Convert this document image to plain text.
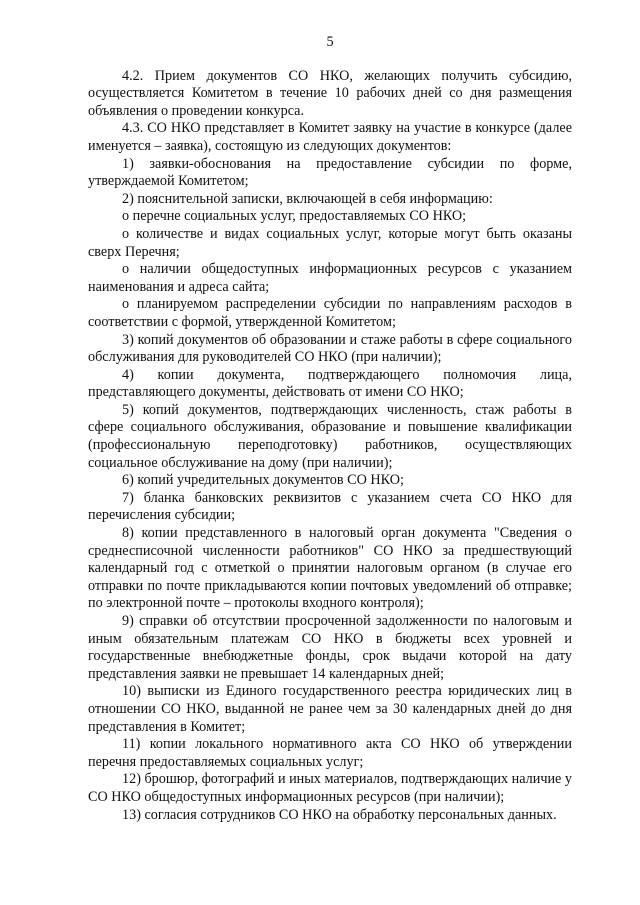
5

4.2. Прием документов СО НКО, желающих получить субсидию, осуществляется Комитетом в течение 10 рабочих дней со дня размещения объявления о проведении конкурса.

4.3. СО НКО представляет в Комитет заявку на участие в конкурсе (далее именуется – заявка), состоящую из следующих документов:

1) заявки-обоснования на предоставление субсидии по форме, утверждаемой Комитетом;

2) пояснительной записки, включающей в себя информацию:

о перечне социальных услуг, предоставляемых СО НКО;

о количестве и видах социальных услуг, которые могут быть оказаны сверх Перечня;

о наличии общедоступных информационных ресурсов с указанием наименования и адреса сайта;

о планируемом распределении субсидии по направлениям расходов в соответствии с формой, утвержденной Комитетом;

3) копий документов об образовании и стаже работы в сфере социального обслуживания для руководителей СО НКО (при наличии);

4) копии документа, подтверждающего полномочия лица, представляющего документы, действовать от имени СО НКО;

5) копий документов, подтверждающих численность, стаж работы в сфере социального обслуживания, образование и повышение квалификации (профессиональную переподготовку) работников, осуществляющих социальное обслуживание на дому (при наличии);

6) копий учредительных документов СО НКО;

7) бланка банковских реквизитов с указанием счета СО НКО для перечисления субсидии;

8) копии представленного в налоговый орган документа "Сведения о среднесписочной численности работников" СО НКО за предшествующий календарный год с отметкой о принятии налоговым органом (в случае его отправки по почте прикладываются копии почтовых уведомлений об отправке; по электронной почте – протоколы входного контроля);

9) справки об отсутствии просроченной задолженности по налоговым и иным обязательным платежам СО НКО в бюджеты всех уровней и государственные внебюджетные фонды, срок выдачи которой на дату представления заявки не превышает 14 календарных дней;

10) выписки из Единого государственного реестра юридических лиц в отношении СО НКО, выданной не ранее чем за 30 календарных дней до дня представления в Комитет;

11) копии локального нормативного акта СО НКО об утверждении перечня предоставляемых социальных услуг;

12) брошюр, фотографий и иных материалов, подтверждающих наличие у СО НКО общедоступных информационных ресурсов (при наличии);

13) согласия сотрудников СО НКО на обработку персональных данных.
